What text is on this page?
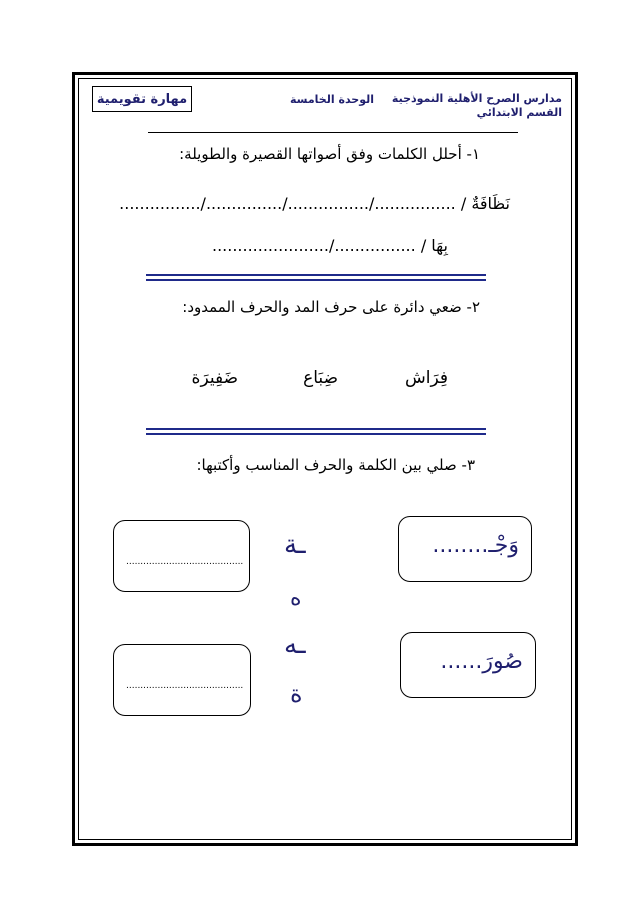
مدارس الصرح الأهلية النموذجية
القسم الابتدائي
الوحدة الخامسة
مهارة تقويمية
١- أحلل الكلمات وفق أصواتها القصيرة والطويلة:
نَظَافَةٌ / ................/................/.............../................
بِهَا / ................/.......................
٢- ضعي دائرة على حرف المد والحرف الممدود:
فِرَاش
ضِبَاع
ضَفِيرَة
٣- صلي بين الكلمة والحرف المناسب وأكتبها:
وَجْـ........
صُورَ......
ـة
ه
ـه
ة
.........................................
.........................................
